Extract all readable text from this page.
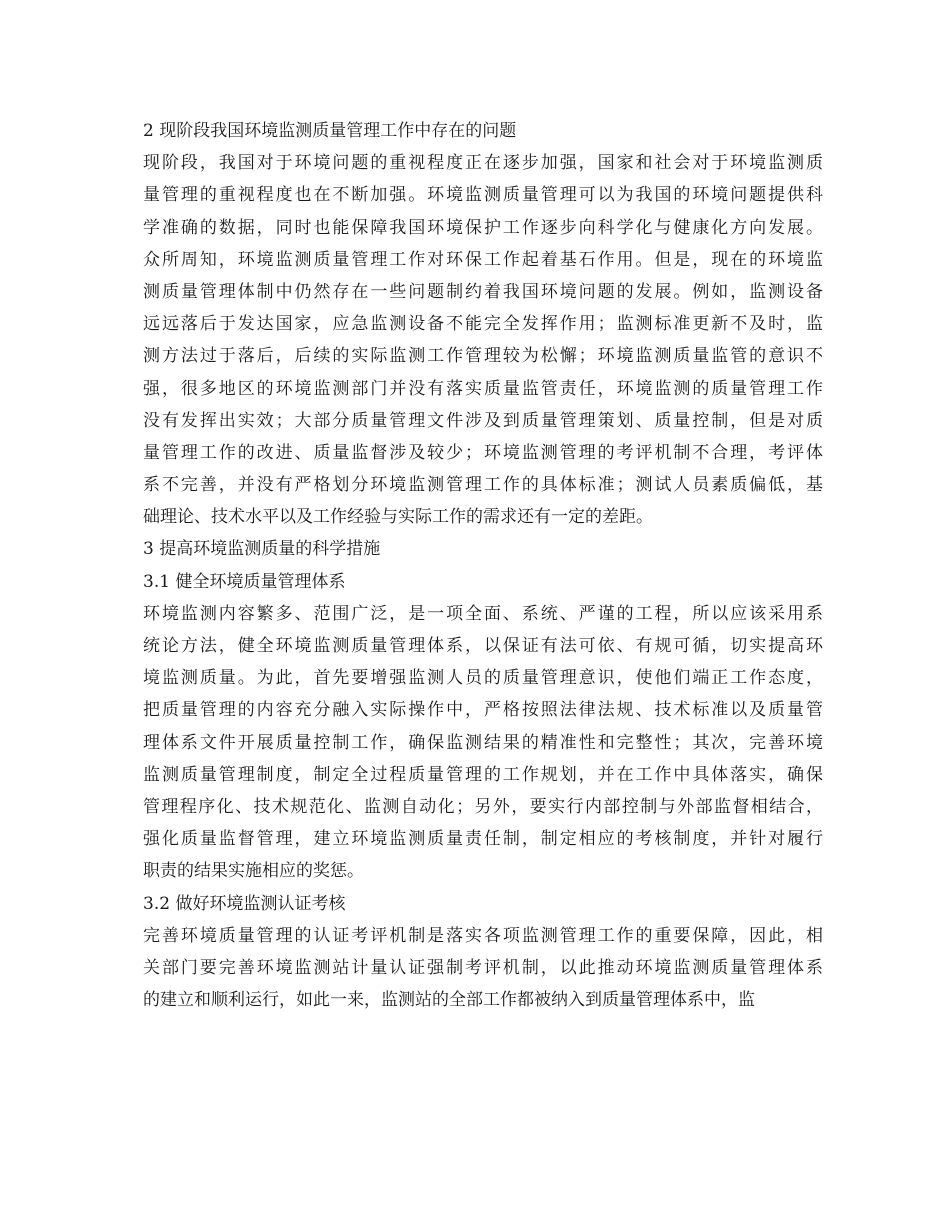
2 现阶段我国环境监测质量管理工作中存在的问题
现阶段，我国对于环境问题的重视程度正在逐步加强，国家和社会对于环境监测质
量管理的重视程度也在不断加强。环境监测质量管理可以为我国的环境问题提供科
学准确的数据，同时也能保障我国环境保护工作逐步向科学化与健康化方向发展。
众所周知，环境监测质量管理工作对环保工作起着基石作用。但是，现在的环境监
测质量管理体制中仍然存在一些问题制约着我国环境问题的发展。例如，监测设备
远远落后于发达国家，应急监测设备不能完全发挥作用；监测标准更新不及时，监
测方法过于落后，后续的实际监测工作管理较为松懈；环境监测质量监管的意识不
强，很多地区的环境监测部门并没有落实质量监管责任，环境监测的质量管理工作
没有发挥出实效；大部分质量管理文件涉及到质量管理策划、质量控制，但是对质
量管理工作的改进、质量监督涉及较少；环境监测管理的考评机制不合理，考评体
系不完善，并没有严格划分环境监测管理工作的具体标准；测试人员素质偏低，基
础理论、技术水平以及工作经验与实际工作的需求还有一定的差距。
3 提高环境监测质量的科学措施
3.1 健全环境质量管理体系
环境监测内容繁多、范围广泛，是一项全面、系统、严谨的工程，所以应该采用系
统论方法，健全环境监测质量管理体系，以保证有法可依、有规可循，切实提高环
境监测质量。为此，首先要增强监测人员的质量管理意识，使他们端正工作态度，
把质量管理的内容充分融入实际操作中，严格按照法律法规、技术标准以及质量管
理体系文件开展质量控制工作，确保监测结果的精准性和完整性；其次，完善环境
监测质量管理制度，制定全过程质量管理的工作规划，并在工作中具体落实，确保
管理程序化、技术规范化、监测自动化；另外，要实行内部控制与外部监督相结合，
强化质量监督管理，建立环境监测质量责任制，制定相应的考核制度，并针对履行
职责的结果实施相应的奖惩。
3.2 做好环境监测认证考核
完善环境质量管理的认证考评机制是落实各项监测管理工作的重要保障，因此，相
关部门要完善环境监测站计量认证强制考评机制，以此推动环境监测质量管理体系
的建立和顺利运行，如此一来，监测站的全部工作都被纳入到质量管理体系中，监
